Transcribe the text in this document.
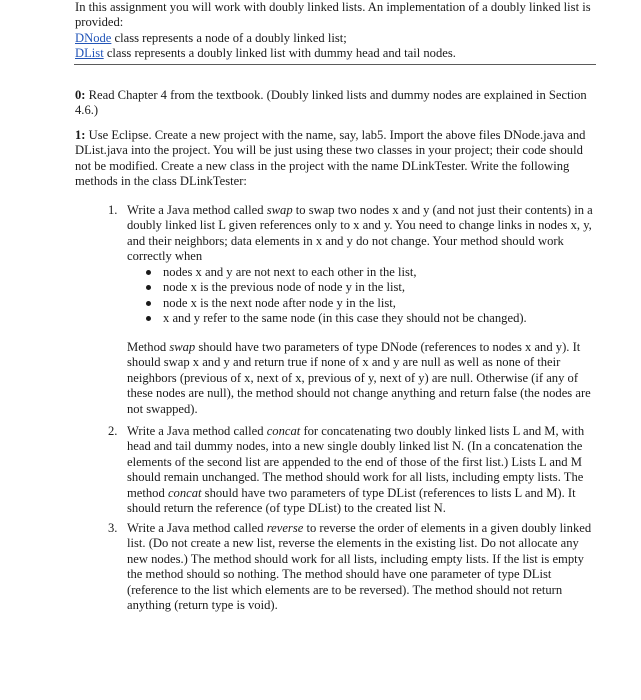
In this assignment you will work with doubly linked lists. An implementation of a doubly linked list is provided:
DNode class represents a node of a doubly linked list;
DList class represents a doubly linked list with dummy head and tail nodes.

0: Read Chapter 4 from the textbook. (Doubly linked lists and dummy nodes are explained in Section 4.6.)

1: Use Eclipse. Create a new project with the name, say, lab5. Import the above files DNode.java and DList.java into the project. You will be just using these two classes in your project; their code should not be modified. Create a new class in the project with the name DLinkTester. Write the following methods in the class DLinkTester:

1. Write a Java method called swap to swap two nodes x and y (and not just their contents) in a doubly linked list L given references only to x and y. You need to change links in nodes x, y, and their neighbors; data elements in x and y do not change. Your method should work correctly when
nodes x and y are not next to each other in the list,
node x is the previous node of node y in the list,
node x is the next node after node y in the list,
x and y refer to the same node (in this case they should not be changed).

Method swap should have two parameters of type DNode (references to nodes x and y). It should swap x and y and return true if none of x and y are null as well as none of their neighbors (previous of x, next of x, previous of y, next of y) are null. Otherwise (if any of these nodes are null), the method should not change anything and return false (the nodes are not swapped).

2. Write a Java method called concat for concatenating two doubly linked lists L and M, with head and tail dummy nodes, into a new single doubly linked list N. (In a concatenation the elements of the second list are appended to the end of those of the first list.) Lists L and M should remain unchanged. The method should work for all lists, including empty lists. The method concat should have two parameters of type DList (references to lists L and M). It should return the reference (of type DList) to the created list N.
3. Write a Java method called reverse to reverse the order of elements in a given doubly linked list. (Do not create a new list, reverse the elements in the existing list. Do not allocate any new nodes.) The method should work for all lists, including empty lists. If the list is empty the method should so nothing. The method should have one parameter of type DList (reference to the list which elements are to be reversed). The method should not return anything (return type is void).
